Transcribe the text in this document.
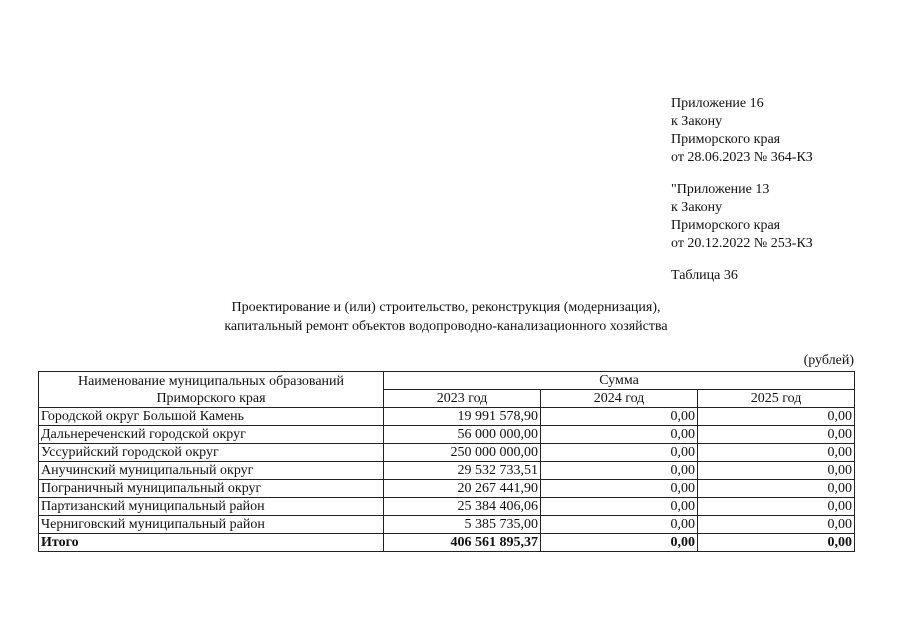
Приложение 16
к Закону
Приморского края
от 28.06.2023 № 364-КЗ
"Приложение 13
к Закону
Приморского края
от 20.12.2022 № 253-КЗ
Таблица 36
Проектирование и (или) строительство, реконструкция (модернизация),
капитальный ремонт объектов водопроводно-канализационного хозяйства
(рублей)
Наименование муниципальных образований
Приморского края	Сумма		
	2023 год	2024 год	2025 год
Городской округ Большой Камень	19 991 578,90	0,00	0,00
Дальнереченский городской округ	56 000 000,00	0,00	0,00
Уссурийский городской округ	250 000 000,00	0,00	0,00
Анучинский муниципальный округ	29 532 733,51	0,00	0,00
Пограничный муниципальный округ	20 267 441,90	0,00	0,00
Партизанский муниципальный район	25 384 406,06	0,00	0,00
Черниговский муниципальный район	5 385 735,00	0,00	0,00
Итого	406 561 895,37	0,00	0,00
